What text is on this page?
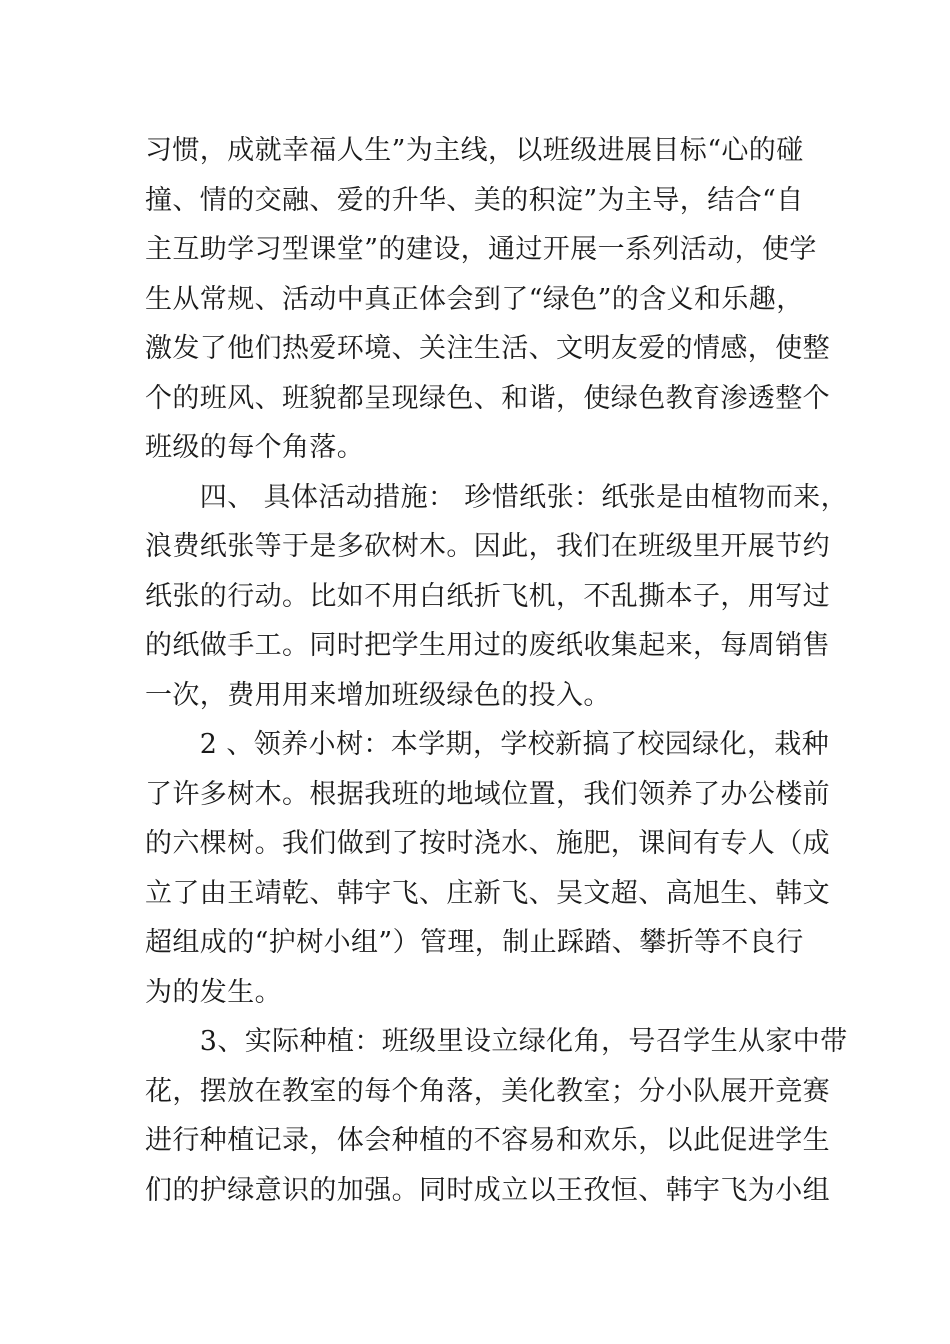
习惯，成就幸福人生”为主线，以班级进展目标“心的碰
撞、情的交融、爱的升华、美的积淀”为主导，结合“自
主互助学习型课堂”的建设，通过开展一系列活动，使学
生从常规、活动中真正体会到了“绿色”的含义和乐趣，
激发了他们热爱环境、关注生活、文明友爱的情感，使整
个的班风、班貌都呈现绿色、和谐，使绿色教育渗透整个
班级的每个角落。
　　四、 具体活动措施： 珍惜纸张：纸张是由植物而来，
浪费纸张等于是多砍树木。因此，我们在班级里开展节约
纸张的行动。比如不用白纸折飞机，不乱撕本子，用写过
的纸做手工。同时把学生用过的废纸收集起来，每周销售
一次，费用用来增加班级绿色的投入。
　　2 、领养小树：本学期，学校新搞了校园绿化，栽种
了许多树木。根据我班的地域位置，我们领养了办公楼前
的六棵树。我们做到了按时浇水、施肥，课间有专人（成
立了由王靖乾、韩宇飞、庄新飞、吴文超、高旭生、韩文
超组成的“护树小组”）管理，制止踩踏、攀折等不良行
为的发生。
　　3、实际种植：班级里设立绿化角，号召学生从家中带
花，摆放在教室的每个角落，美化教室；分小队展开竞赛
进行种植记录，体会种植的不容易和欢乐，以此促进学生
们的护绿意识的加强。同时成立以王孜恒、韩宇飞为小组
